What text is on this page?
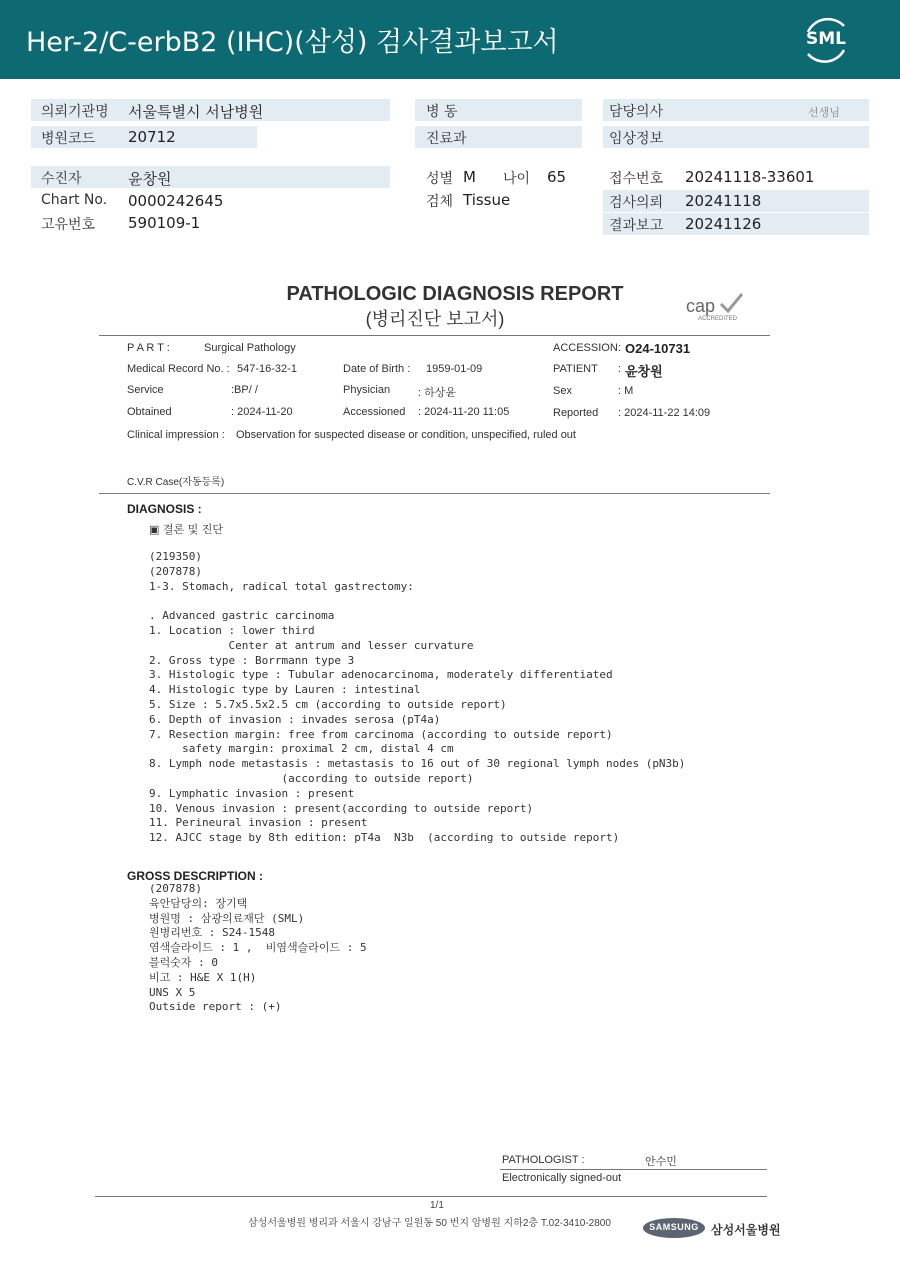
Her-2/C-erbB2 (IHC)(삼성) 검사결과보고서	SML
의뢰기관명 서울특별시 서남병원
병원코드 20712
병 동
진료과
담당의사	선생님
임상정보
수진자	윤창원
Chart No. 0000242645
고유번호 590109-1
성별 M 나이 65
검체 Tissue
접수번호 20241118-33601
검사의뢰 20241118
결과보고 20241126
PATHOLOGIC DIAGNOSIS REPORT
(병리진단 보고서)
cap
ACCREDITED
P A R T :	Surgical Pathology	ACCESSION : O24-10731
Medical Record No. : 547-16-32-1	Date of Birth : 1959-01-09	PATIENT : 윤창원
Service	:BP/ /	Physician	: 하상윤	Sex	: M
Obtained	: 2024-11-20	Accessioned : 2024-11-20 11:05	Reported : 2024-11-22 14:09
Clinical impression : Observation for suspected disease or condition, unspecified, ruled out
C.V.R Case(자동등록)
DIAGNOSIS :
▣ 결론 및 진단
(219350)
(207878)
1-3. Stomach, radical total gastrectomy:

. Advanced gastric carcinoma
1. Location : lower third
Center at antrum and lesser curvature
2. Gross type : Borrmann type 3
3. Histologic type : Tubular adenocarcinoma, moderately differentiated
4. Histologic type by Lauren : intestinal
5. Size : 5.7x5.5x2.5 cm (according to outside report)
6. Depth of invasion : invades serosa (pT4a)
7. Resection margin: free from carcinoma (according to outside report)
safety margin: proximal 2 cm, distal 4 cm
8. Lymph node metastasis : metastasis to 16 out of 30 regional lymph nodes (pN3b)
(according to outside report)
9. Lymphatic invasion : present
10. Venous invasion : present(according to outside report)
11. Perineural invasion : present
12. AJCC stage by 8th edition: pT4a  N3b  (according to outside report)
GROSS DESCRIPTION :
(207878)
육안담당의: 장기택
병원명 : 삼광의료재단 (SML)
원병리번호 : S24-1548
염색슬라이드 : 1 ,  비염색슬라이드 : 5
블럭숫자 : 0
비고 : H&E X 1(H)
UNS X 5
Outside report : (+)
PATHOLOGIST :	안수민
Electronically signed-out
1/1
삼성서울병원 병리과 서울시 강남구 일원동 50 번지 암병원 지하2층 T.02-3410-2800	SAMSUNG	삼성서울병원
